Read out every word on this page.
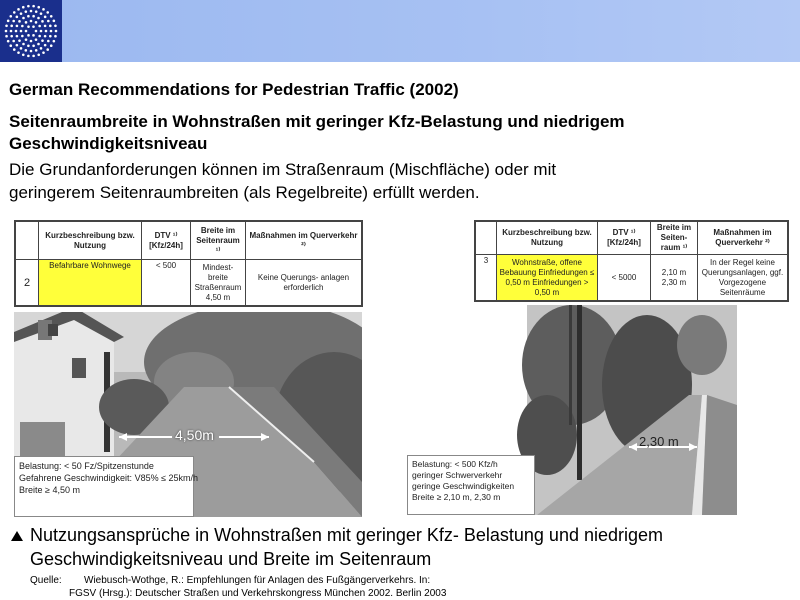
German Recommendations for Pedestrian Traffic (2002)
Seitenraumbreite in Wohnstraßen mit geringer Kfz-Belastung und niedrigem
Geschwindigkeitsniveau
Die Grundanforderungen können im Straßenraum (Mischfläche) oder mit
geringerem Seitenraumbreiten (als Regelbreite) erfüllt werden.
	Kurzbeschreibung bzw. Nutzung	DTV ¹⁾ [Kfz/24h]	Breite im Seitenraum ¹⁾	Maßnahmen im Querverkehr ²⁾
2	Befahrbare Wohnwege	< 500	Mindest- breite Straßenraum 4,50 m	Keine Querungs- anlagen erforderlich
	Kurzbeschreibung bzw. Nutzung	DTV ¹⁾ [Kfz/24h]	Breite im Seiten- raum ¹⁾	Maßnahmen im Querverkehr ²⁾
3	Wohnstraße, offene Bebauung Einfriedungen ≤ 0,50 m Einfriedungen > 0,50 m	< 5000	2,10 m 2,30 m	In der Regel keine Querungsanlagen, ggf. Vorgezogene Seitenräume
4,50m
Belastung: < 50 Fz/Spitzenstunde
Gefahrene Geschwindigkeit: V85% ≤ 25km/h
Breite ≥ 4,50 m
2,30 m
Belastung: < 500 Kfz/h
geringer Schwerverkehr
geringe Geschwindigkeiten
Breite ≥ 2,10 m, 2,30 m
Nutzungsansprüche in Wohnstraßen mit geringer Kfz- Belastung und niedrigem
Geschwindigkeitsniveau und Breite im Seitenraum
Quelle: Wiebusch-Wothge, R.: Empfehlungen für Anlagen des Fußgängerverkehrs. In:
FGSV (Hrsg.): Deutscher Straßen und Verkehrskongress München 2002. Berlin 2003
